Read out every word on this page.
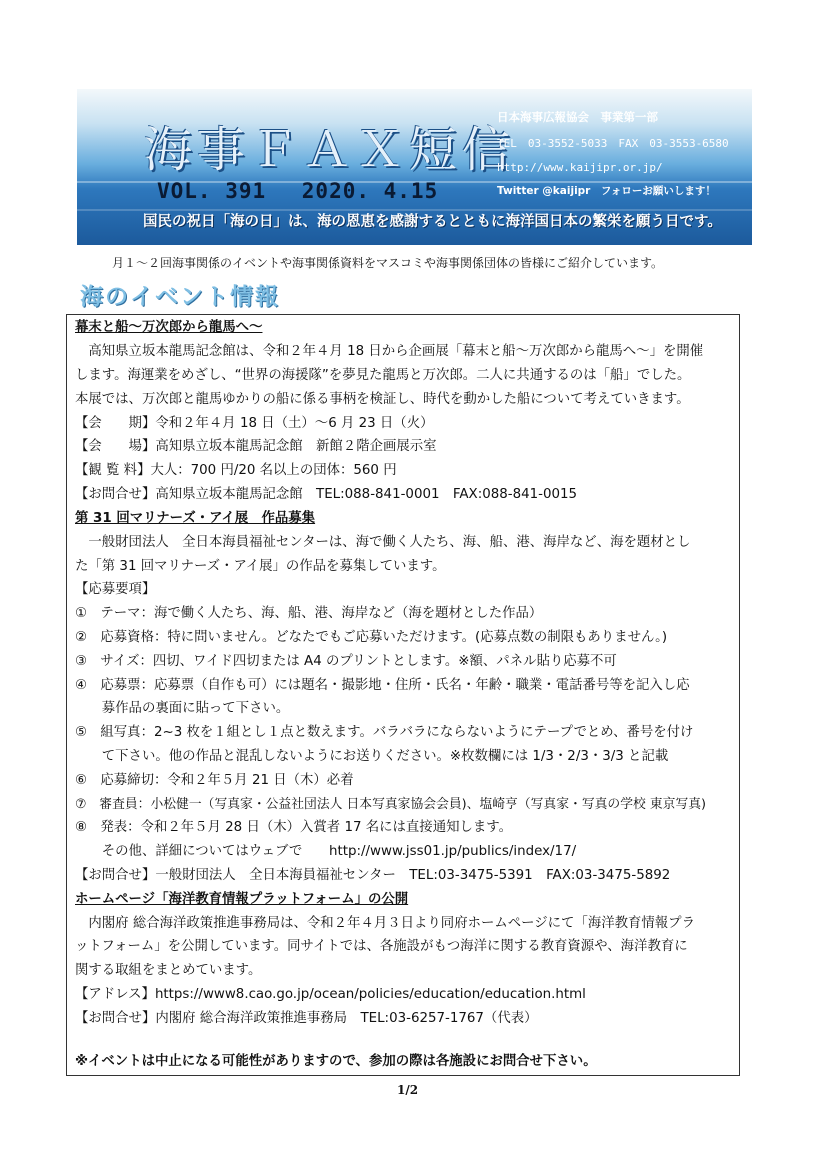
海事ＦＡＸ短信
日本海事広報協会　事業第一部
TEL　03-3552-5033　FAX　03-3553-6580
http://www.kaijipr.or.jp/
Twitter @kaijipr　フォローお願いします！
VOL. 391　 2020. 4.15
国民の祝日「海の日」は、海の恩恵を感謝するとともに海洋国日本の繁栄を願う日です。
月１～２回海事関係のイベントや海事関係資料をマスコミや海事関係団体の皆様にご紹介しています。
海のイベント情報
幕末と船～万次郎から龍馬へ～
　高知県立坂本龍馬記念館は、令和２年４月 18 日から企画展「幕末と船～万次郎から龍馬へ～」を開催
します。海運業をめざし、“世界の海援隊”を夢見た龍馬と万次郎。二人に共通するのは「船」でした。
本展では、万次郎と龍馬ゆかりの船に係る事柄を検証し、時代を動かした船について考えていきます。
【会　　期】令和２年４月 18 日（土）～6 月 23 日（火）
【会　　場】高知県立坂本龍馬記念館　新館２階企画展示室
【観 覧 料】大人：700 円/20 名以上の団体：560 円
【お問合せ】高知県立坂本龍馬記念館　TEL:088-841-0001　FAX:088-841-0015
第 31 回マリナーズ・アイ展　作品募集
　一般財団法人　全日本海員福祉センターは、海で働く人たち、海、船、港、海岸など、海を題材とし
た「第 31 回マリナーズ・アイ展」の作品を募集しています。
【応募要項】
①　テーマ：海で働く人たち、海、船、港、海岸など（海を題材とした作品）
②　応募資格：特に問いません。どなたでもご応募いただけます。(応募点数の制限もありません。)
③　サイズ：四切、ワイド四切または A4 のプリントとします。※額、パネル貼り応募不可
④　応募票：応募票（自作も可）には題名・撮影地・住所・氏名・年齢・職業・電話番号等を記入し応
　　募作品の裏面に貼って下さい。
⑤　組写真：2~3 枚を１組とし１点と数えます。バラバラにならないようにテープでとめ、番号を付け
　　て下さい。他の作品と混乱しないようにお送りください。※枚数欄には 1/3・2/3・3/3 と記載
⑥　応募締切：令和２年５月 21 日（木）必着
⑦　審査員：小松健一（写真家・公益社団法人 日本写真家協会会員)、塩崎亨（写真家・写真の学校 東京写真)
⑧　発表：令和２年５月 28 日（木）入賞者 17 名には直接通知します。
　　その他、詳細についてはウェブで　　http://www.jss01.jp/publics/index/17/
【お問合せ】一般財団法人　全日本海員福祉センター　TEL:03-3475-5391　FAX:03-3475-5892
ホームページ「海洋教育情報プラットフォーム」の公開
　内閣府 総合海洋政策推進事務局は、令和２年４月３日より同府ホームページにて「海洋教育情報プラ
ットフォーム」を公開しています。同サイトでは、各施設がもつ海洋に関する教育資源や、海洋教育に
関する取組をまとめています。
【アドレス】https://www8.cao.go.jp/ocean/policies/education/education.html
【お問合せ】内閣府 総合海洋政策推進事務局　TEL:03-6257-1767（代表）
※イベントは中止になる可能性がありますので、参加の際は各施設にお問合せ下さい。
1/2
